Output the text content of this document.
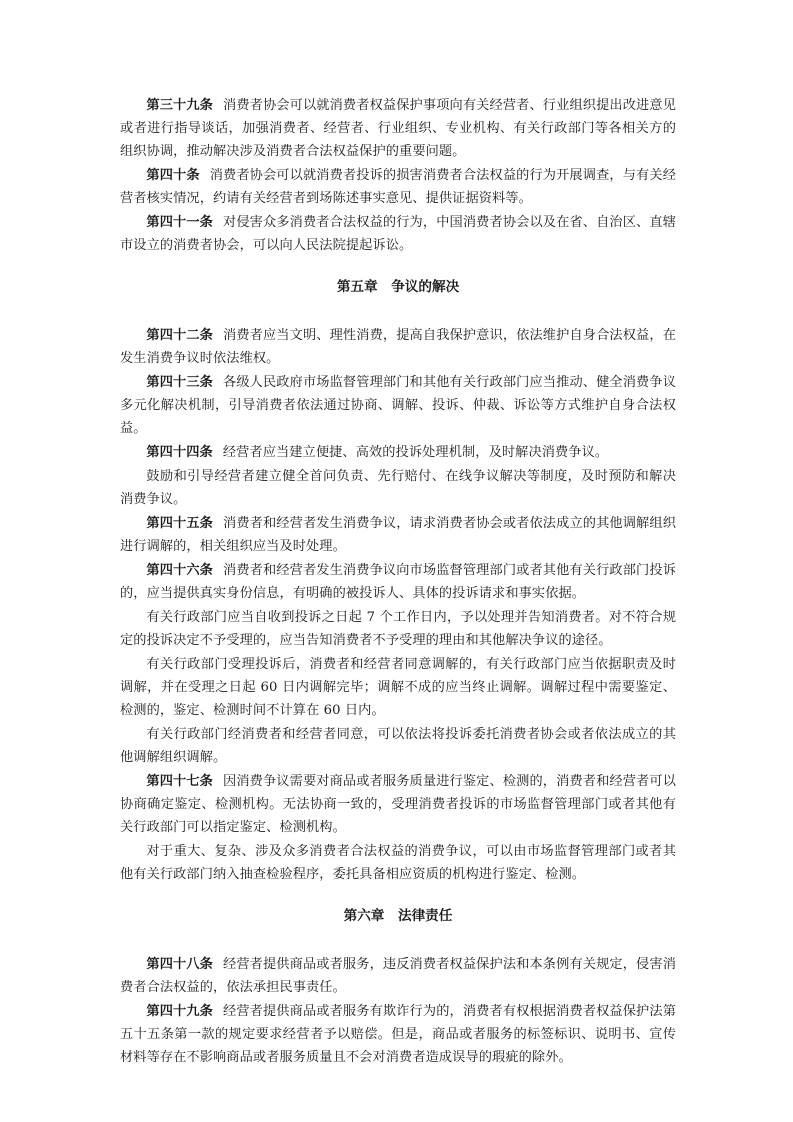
第三十九条 消费者协会可以就消费者权益保护事项向有关经营者、行业组织提出改进意见或者进行指导谈话，加强消费者、经营者、行业组织、专业机构、有关行政部门等各相关方的组织协调，推动解决涉及消费者合法权益保护的重要问题。

第四十条 消费者协会可以就消费者投诉的损害消费者合法权益的行为开展调查，与有关经营者核实情况，约请有关经营者到场陈述事实意见、提供证据资料等。

第四十一条 对侵害众多消费者合法权益的行为，中国消费者协会以及在省、自治区、直辖市设立的消费者协会，可以向人民法院提起诉讼。

第五章　争议的解决

第四十二条 消费者应当文明、理性消费，提高自我保护意识，依法维护自身合法权益，在发生消费争议时依法维权。

第四十三条 各级人民政府市场监督管理部门和其他有关行政部门应当推动、健全消费争议多元化解决机制，引导消费者依法通过协商、调解、投诉、仲裁、诉讼等方式维护自身合法权益。

第四十四条 经营者应当建立便捷、高效的投诉处理机制，及时解决消费争议。

鼓励和引导经营者建立健全首问负责、先行赔付、在线争议解决等制度，及时预防和解决消费争议。

第四十五条 消费者和经营者发生消费争议，请求消费者协会或者依法成立的其他调解组织进行调解的，相关组织应当及时处理。

第四十六条 消费者和经营者发生消费争议向市场监督管理部门或者其他有关行政部门投诉的，应当提供真实身份信息，有明确的被投诉人、具体的投诉请求和事实依据。

有关行政部门应当自收到投诉之日起 7 个工作日内，予以处理并告知消费者。对不符合规定的投诉决定不予受理的，应当告知消费者不予受理的理由和其他解决争议的途径。

有关行政部门受理投诉后，消费者和经营者同意调解的，有关行政部门应当依据职责及时调解，并在受理之日起 60 日内调解完毕；调解不成的应当终止调解。调解过程中需要鉴定、检测的，鉴定、检测时间不计算在 60 日内。

有关行政部门经消费者和经营者同意，可以依法将投诉委托消费者协会或者依法成立的其他调解组织调解。

第四十七条 因消费争议需要对商品或者服务质量进行鉴定、检测的，消费者和经营者可以协商确定鉴定、检测机构。无法协商一致的，受理消费者投诉的市场监督管理部门或者其他有关行政部门可以指定鉴定、检测机构。

对于重大、复杂、涉及众多消费者合法权益的消费争议，可以由市场监督管理部门或者其他有关行政部门纳入抽查检验程序，委托具备相应资质的机构进行鉴定、检测。

第六章　法律责任

第四十八条 经营者提供商品或者服务，违反消费者权益保护法和本条例有关规定，侵害消费者合法权益的，依法承担民事责任。

第四十九条 经营者提供商品或者服务有欺诈行为的，消费者有权根据消费者权益保护法第五十五条第一款的规定要求经营者予以赔偿。但是，商品或者服务的标签标识、说明书、宣传材料等存在不影响商品或者服务质量且不会对消费者造成误导的瑕疵的除外。
